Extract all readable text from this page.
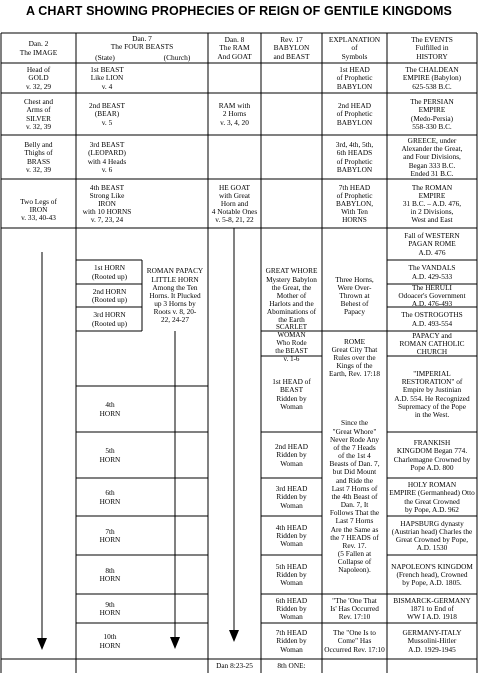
A CHART SHOWING PROPHECIES OF REIGN OF GENTILE KINGDOMS
Dan. 2
The IMAGE
Dan. 7
The FOUR BEASTS
(State)	(Church)
Dan. 8
The RAM
And GOAT
Rev. 17
BABYLON
and BEAST
EXPLANATION
of
Symbols
The EVENTS
Fulfilled in
HISTORY
Head of
GOLD
v. 32, 29
Chest and
Arms of
SILVER
v. 32, 39
Belly and
Thighs of
BRASS
v. 32, 39
Two Legs of
IRON
v. 33, 40-43
1st BEAST
Like LION
v. 4
2nd BEAST
(BEAR)
v. 5
3rd BEAST
(LEOPARD)
with 4 Heads
v. 6
4th BEAST
Strong Like
IRON
with 10 HORNS
v. 7, 23, 24
RAM with
2 Horns
v. 3, 4, 20
HE GOAT
with Great
Horn and
4 Notable Ones
v. 5-8, 21, 22
1st HEAD
of Prophetic
BABYLON
2nd HEAD
of Prophetic
BABYLON
3rd, 4th, 5th,
6th HEADS
of Prophetic
BABYLON
7th HEAD
of Prophetic
BABYLON,
With Ten
HORNS
The CHALDEAN
EMPIRE (Babylon)
625-538 B.C.
The PERSIAN
EMPIRE
(Medo-Persia)
558-330 B.C.
GREECE, under
Alexander the Great,
and Four Divisions,
Began 333 B.C.
Ended 31 B.C.
The ROMAN
EMPIRE
31 B.C. – A.D. 476,
in 2 Divisions,
West and East
Fall of WESTERN
PAGAN ROME
A.D. 476
1st HORN
(Rooted up)
2nd HORN
(Rooted up)
3rd HORN
(Rooted up)
ROMAN PAPACY
LITTLE HORN
Among the Ten
Horns. It Plucked
up 3 Horns by
Roots v. 8, 20-
22, 24-27
GREAT WHORE
Mystery Babylon
the Great, the
Mother of
Harlots and the
Abominations of
the Earth
Three Horns,
Were Over-
Thrown at
Behest of
Papacy
The VANDALS
A.D. 429-533
The HERULI
Odoacer's Government
A.D. 476-493
The OSTROGOTHS
A.D. 493-554
SCARLET
WOMAN
Who Rode
the BEAST
v. 1-6
ROME
Great City That
Rules over the
Kings of the
Earth, Rev. 17:18
PAPACY and
ROMAN CATHOLIC
CHURCH
4th
HORN
5th
HORN
6th
HORN
7th
HORN
8th
HORN
9th
HORN
10th
HORN
1st HEAD of
BEAST
Ridden by
Woman
2nd HEAD
Ridden by
Woman
3rd HEAD
Ridden by
Woman
4th HEAD
Ridden by
Woman
5th HEAD
Ridden by
Woman
6th HEAD
Ridden by
Woman
7th HEAD
Ridden by
Woman
Since the
"Great Whore"
Never Rode Any
of the 7 Heads
of the 1st 4
Beasts of Dan. 7,
but Did Mount
and Ride the
Last 7 Horns of
the 4th Beast of
Dan. 7, It
Follows That the
Last 7 Horns
Are the Same as
the 7 HEADS of
Rev. 17.
(5 Fallen at
Collapse of
Napoleon).
"The 'One That
Is' Has Occurred
Rev. 17:10
The "One Is to
Come" Has
Occurred Rev. 17:10
"IMPERIAL
RESTORATION" of
Empire by Justinian
A.D. 554. He Recognized
Supremacy of the Pope
in the West.
FRANKISH
KINGDOM Began 774.
Charlemagne Crowned by
Pope A.D. 800
HOLY ROMAN
EMPIRE (Germanhead) Otto
the Great Crowned
by Pope, A.D. 962
HAPSBURG dynasty
(Austrian head) Charles the
Great Crowned by Pope,
A.D. 1530
NAPOLEON'S KINGDOM
(French head), Crowned
by Pope, A.D. 1805.
BISMARCK-GERMANY
1871 to End of
WW I A.D. 1918
GERMANY-ITALY
Mussolini-Hitler
A.D. 1929-1945
Dan 8:23-25	8th ONE:
